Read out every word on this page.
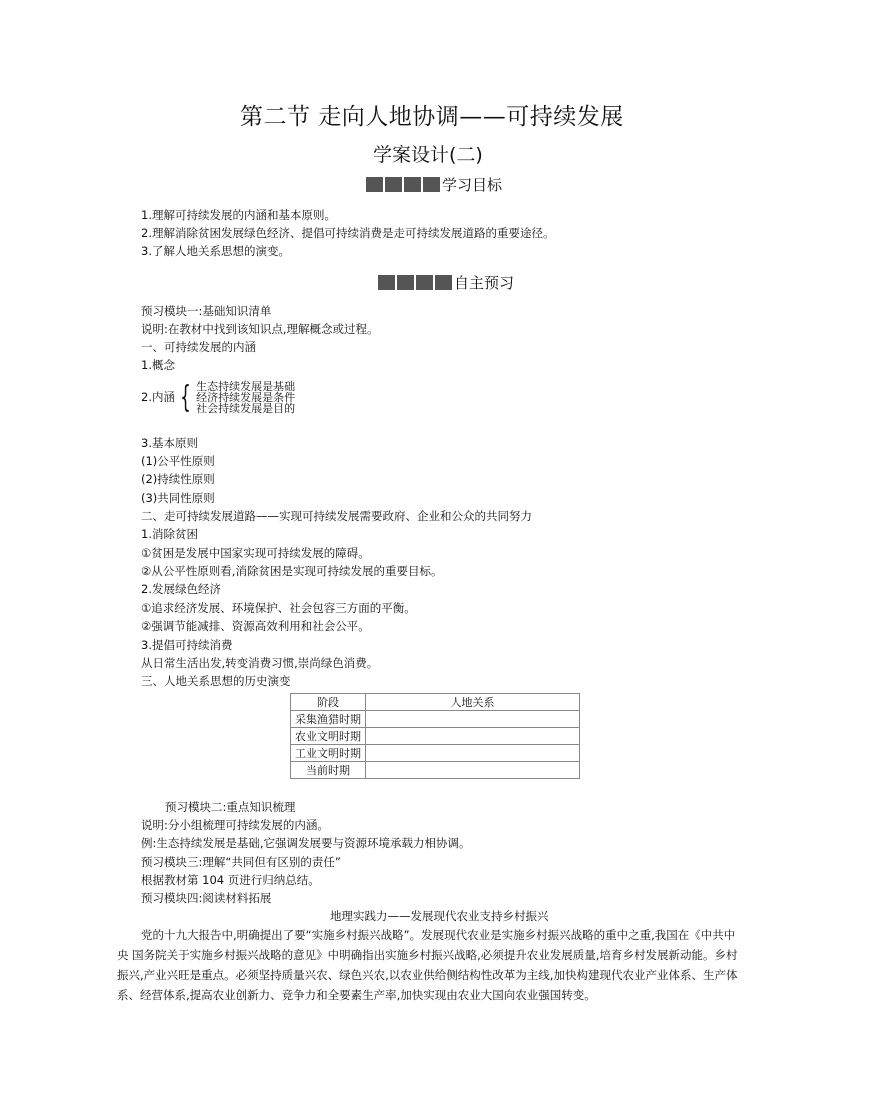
第二节 走向人地协调——可持续发展
学案设计(二)
学习目标
1.理解可持续发展的内涵和基本原则。
2.理解消除贫困发展绿色经济、提倡可持续消费是走可持续发展道路的重要途径。
3.了解人地关系思想的演变。
自主预习
预习模块一:基础知识清单
说明:在教材中找到该知识点,理解概念或过程。
一、可持续发展的内涵
1.概念
2.内涵 { 生态持续发展是基础
经济持续发展是条件
社会持续发展是目的
3.基本原则
(1)公平性原则
(2)持续性原则
(3)共同性原则
二、走可持续发展道路——实现可持续发展需要政府、企业和公众的共同努力
1.消除贫困
①贫困是发展中国家实现可持续发展的障碍。
②从公平性原则看,消除贫困是实现可持续发展的重要目标。
2.发展绿色经济
①追求经济发展、环境保护、社会包容三方面的平衡。
②强调节能减排、资源高效利用和社会公平。
3.提倡可持续消费
从日常生活出发,转变消费习惯,崇尚绿色消费。
三、人地关系思想的历史演变
阶段	人地关系
采集渔猎时期	
农业文明时期	
工业文明时期	
当前时期	
预习模块二:重点知识梳理
说明:分小组梳理可持续发展的内涵。
例:生态持续发展是基础,它强调发展要与资源环境承载力相协调。
预习模块三:理解“共同但有区别的责任”
根据教材第 104 页进行归纳总结。
预习模块四:阅读材料拓展
地理实践力——发展现代农业支持乡村振兴
党的十九大报告中,明确提出了要“实施乡村振兴战略”。发展现代农业是实施乡村振兴战略的重中之重,我国在《中共中央 国务院关于实施乡村振兴战略的意见》中明确指出实施乡村振兴战略,必须提升农业发展质量,培育乡村发展新动能。乡村振兴,产业兴旺是重点。必须坚持质量兴农、绿色兴农,以农业供给侧结构性改革为主线,加快构建现代农业产业体系、生产体系、经营体系,提高农业创新力、竞争力和全要素生产率,加快实现由农业大国向农业强国转变。
